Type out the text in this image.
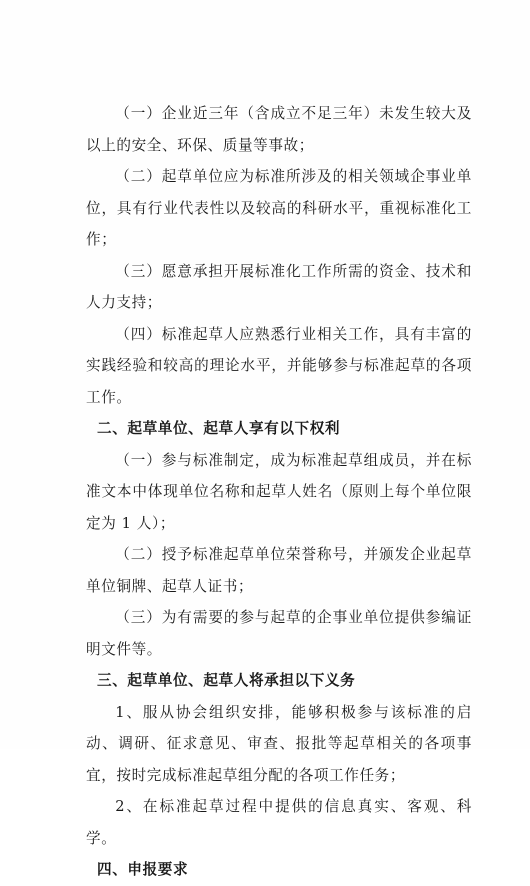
（一）企业近三年（含成立不足三年）未发生较大及以上的安全、环保、质量等事故；

（二）起草单位应为标准所涉及的相关领域企事业单位，具有行业代表性以及较高的科研水平，重视标准化工作；

（三）愿意承担开展标准化工作所需的资金、技术和人力支持；

（四）标准起草人应熟悉行业相关工作，具有丰富的实践经验和较高的理论水平，并能够参与标准起草的各项工作。

二、起草单位、起草人享有以下权利

（一）参与标准制定，成为标准起草组成员，并在标准文本中体现单位名称和起草人姓名（原则上每个单位限定为 1 人）；

（二）授予标准起草单位荣誉称号，并颁发企业起草单位铜牌、起草人证书；

（三）为有需要的参与起草的企事业单位提供参编证明文件等。

三、起草单位、起草人将承担以下义务

1、服从协会组织安排，能够积极参与该标准的启动、调研、征求意见、审查、报批等起草相关的各项事宜，按时完成标准起草组分配的各项工作任务；

2、在标准起草过程中提供的信息真实、客观、科学。

四、申报要求
